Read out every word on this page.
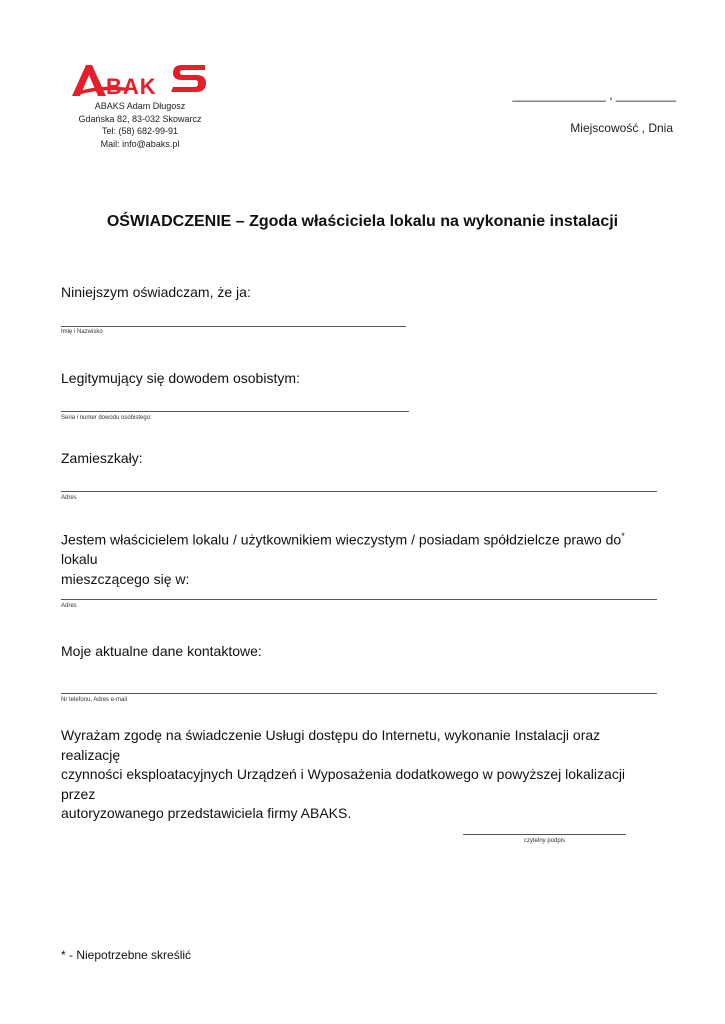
BAK
ABAKS Adam Długosz
Gdańska 82, 83-032 Skowarcz
Tel: (58) 682-99-91
Mail: info@abaks.pl
______________ , _________
Miejscowość , Dnia
OŚWIADCZENIE – Zgoda właściciela lokalu na wykonanie instalacji
Niniejszym oświadczam, że ja:
Imię i Nazwisko
Legitymujący się dowodem osobistym:
Seria i numer dowodu osobistego:
Zamieszkały:
Adres
Jestem właścicielem lokalu / użytkownikiem wieczystym / posiadam spółdzielcze prawo do* lokalu
mieszczącego się w:
Adres
Moje aktualne dane kontaktowe:
Nr telefonu, Adres e-mail
Wyrażam zgodę na świadczenie Usługi dostępu do Internetu, wykonanie Instalacji oraz realizację
czynności eksploatacyjnych Urządzeń i Wyposażenia dodatkowego w powyższej lokalizacji przez
autoryzowanego przedstawiciela firmy ABAKS.
czytelny podpis
* - Niepotrzebne skreślić
